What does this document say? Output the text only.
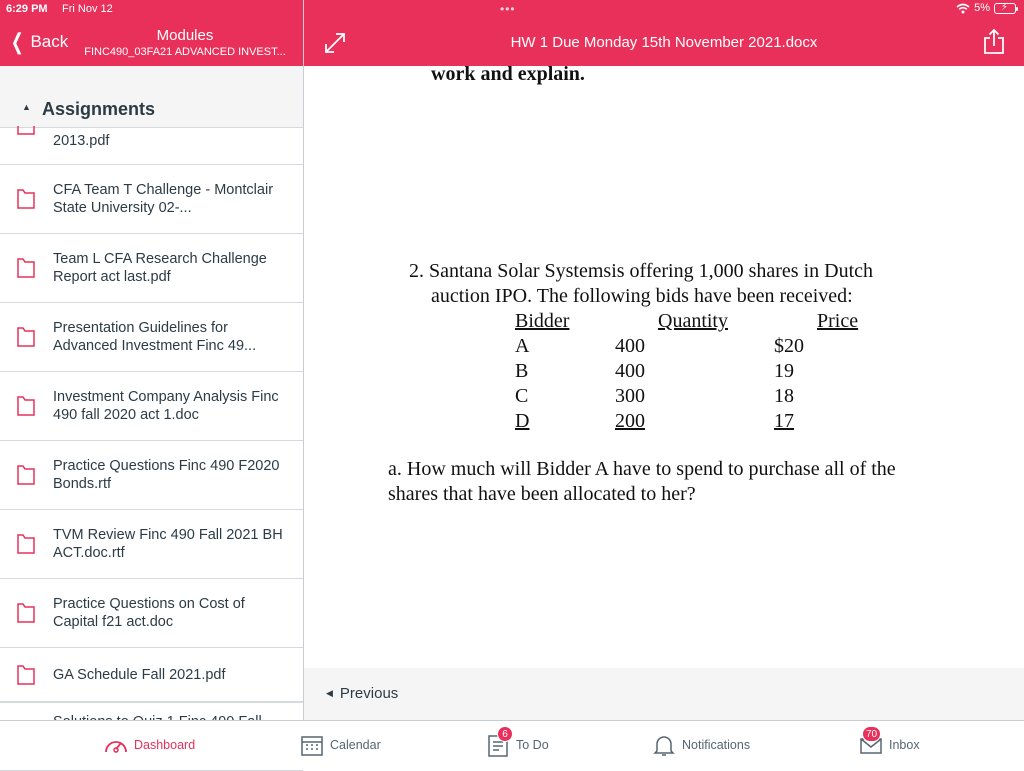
6:29 PM Fri Nov 12	•••	5% ⚡
❮ Back	Modules
FINC490_03FA21 ADVANCED INVEST...
HW 1 Due Monday 15th November 2021.docx
▲ Assignments
2013.pdf
CFA Team T Challenge - Montclair State University 02-...
Team L CFA Research Challenge Report act last.pdf
Presentation Guidelines for Advanced Investment Finc 49...
Investment Company Analysis Finc 490 fall 2020 act 1.doc
Practice Questions Finc 490 F2020 Bonds.rtf
TVM Review Finc 490 Fall 2021 BH ACT.doc.rtf
Practice Questions on Cost of Capital f21 act.doc
GA Schedule Fall 2021.pdf
work and explain.
2. Santana Solar Systemsis offering 1,000 shares in Dutch
auction IPO. The following bids have been received:
Bidder	Quantity	Price
A	400	$20
B	400	19
C	300	18
D	200	17
a. How much will Bidder A have to spend to purchase all of the
shares that have been allocated to her?
◀ Previous
Dashboard	Calendar
6
To Do	Notifications
70
Inbox
